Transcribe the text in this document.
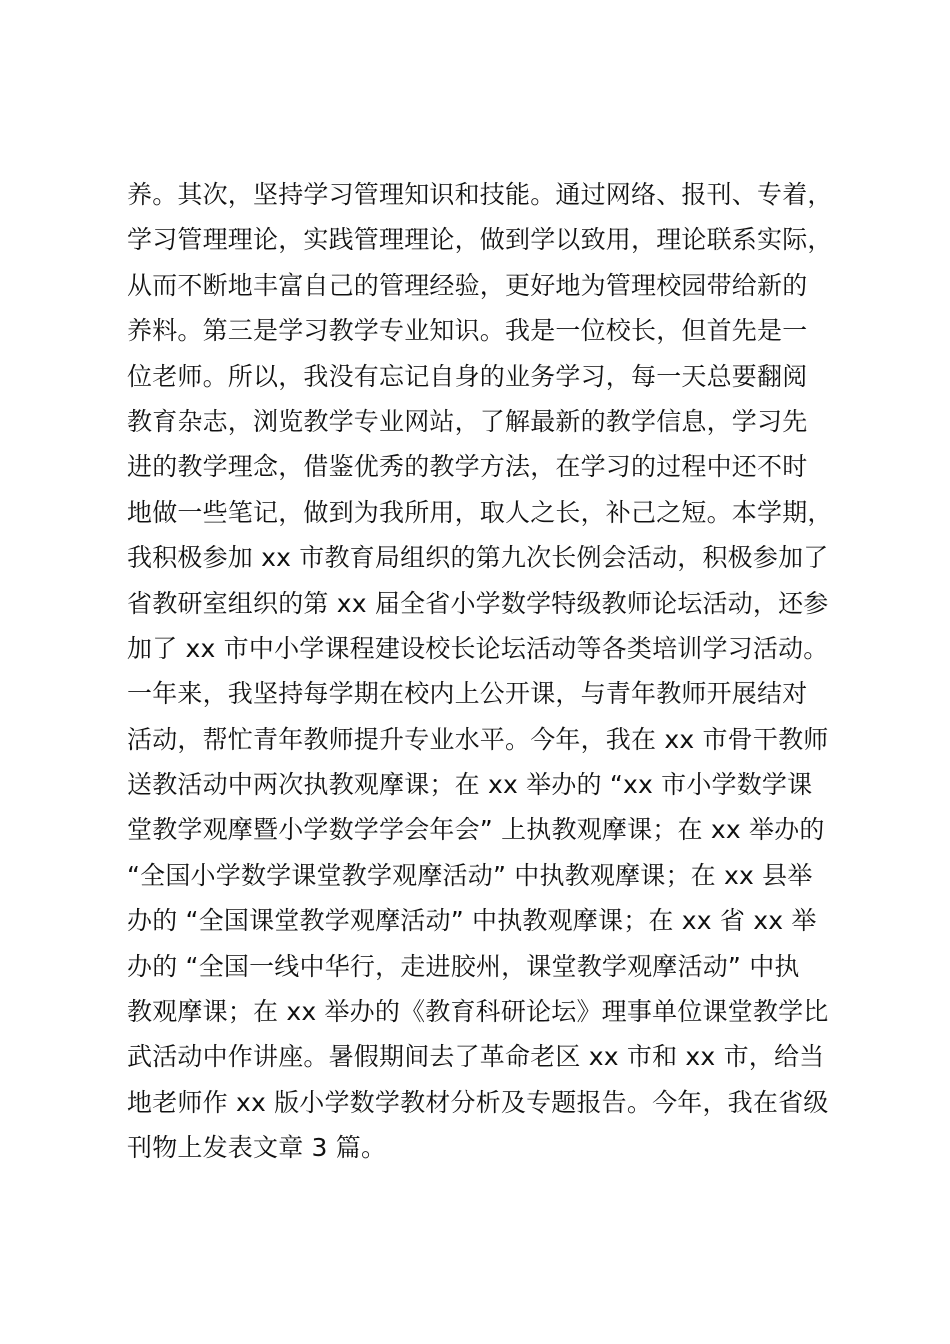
养。其次，坚持学习管理知识和技能。通过网络、报刊、专着，
学习管理理论，实践管理理论，做到学以致用，理论联系实际，
从而不断地丰富自己的管理经验，更好地为管理校园带给新的
养料。第三是学习教学专业知识。我是一位校长，但首先是一
位老师。所以，我没有忘记自身的业务学习，每一天总要翻阅
教育杂志，浏览教学专业网站，了解最新的教学信息，学习先
进的教学理念，借鉴优秀的教学方法，在学习的过程中还不时
地做一些笔记，做到为我所用，取人之长，补己之短。本学期，
我积极参加 xx 市教育局组织的第九次长例会活动，积极参加了
省教研室组织的第 xx 届全省小学数学特级教师论坛活动，还参
加了 xx 市中小学课程建设校长论坛活动等各类培训学习活动。
一年来，我坚持每学期在校内上公开课，与青年教师开展结对
活动，帮忙青年教师提升专业水平。今年，我在 xx 市骨干教师
送教活动中两次执教观摩课；在 xx 举办的 “xx 市小学数学课
堂教学观摩暨小学数学学会年会” 上执教观摩课；在 xx 举办的
“全国小学数学课堂教学观摩活动” 中执教观摩课；在 xx 县举
办的 “全国课堂教学观摩活动” 中执教观摩课；在 xx 省 xx 举
办的 “全国一线中华行，走进胶州，课堂教学观摩活动” 中执
教观摩课；在 xx 举办的《教育科研论坛》理事单位课堂教学比
武活动中作讲座。暑假期间去了革命老区 xx 市和 xx 市，给当
地老师作 xx 版小学数学教材分析及专题报告。今年，我在省级
刊物上发表文章 3 篇。
